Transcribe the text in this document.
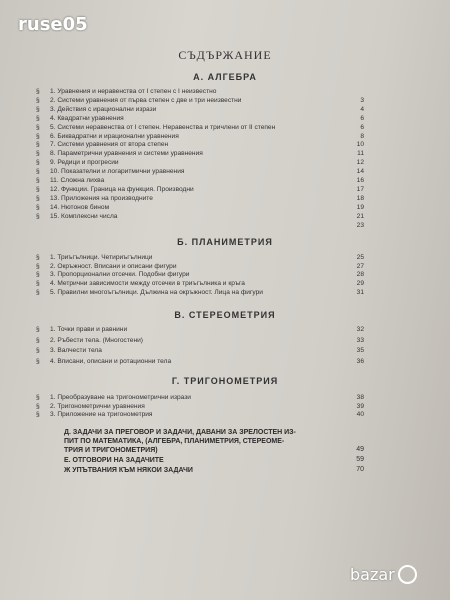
ruse05
СЪДЪРЖАНИЕ
А. АЛГЕБРА
§	1. Уравнения и неравенства от I степен с I неизвестно
§	2. Системи уравнения от първа степен с две и три неизвестни	3
§	3. Действия с ирационални изрази	4
§	4. Квадратни уравнения	6
§	5. Системи неравенства от I степен. Неравенства и тричлени от II степен	6
§	6. Биквадратни и ирационални уравнения	8
§	7. Системи уравнения от втора степен	10
§	8. Параметрични уравнения и системи уравнения	11
§	9. Редици и прогресии	12
§	10. Показателни и логаритмични уравнения	14
§	11. Сложна лихва	16
§	12. Функции. Граница на функция. Производни	17
§	13. Приложения на производните	18
§	14. Нютонов бином	19
§	15. Комплексни числа	21
23
Б. ПЛАНИМЕТРИЯ
§	1. Триъгълници. Четириъгълници	25
§	2. Окръжност. Вписани и описани фигури	27
§	3. Пропорционални отсечки. Подобни фигури	28
§	4. Метрични зависимости между отсечки в триъгълника и кръга	29
§	5. Правилни многоъгълници. Дължина на окръжност. Лица на фигури	31
В. СТЕРЕОМЕТРИЯ
§	1. Точки прави и равнини	32
§	2. Ръбести тела. (Многостени)	33
§	3. Валчести тела	35
§	4. Вписани, описани и ротационни тела	36
Г. ТРИГОНОМЕТРИЯ
§	1. Преобразуване на тригонометрични изрази	38
§	2. Тригонометрични уравнения	39
§	3. Приложение на тригонометрия	40
Д. ЗАДАЧИ ЗА ПРЕГОВОР И ЗАДАЧИ, ДАВАНИ ЗА ЗРЕЛОСТЕН ИЗ-
ПИТ ПО МАТЕМАТИКА, (АЛГЕБРА, ПЛАНИМЕТРИЯ, СТЕРЕОМЕ-
ТРИЯ И ТРИГОНОМЕТРИЯ)	49
Е. ОТГОВОРИ НА ЗАДАЧИТЕ	59
Ж УПЪТВАНИЯ КЪМ НЯКОИ ЗАДАЧИ	70
bazar
